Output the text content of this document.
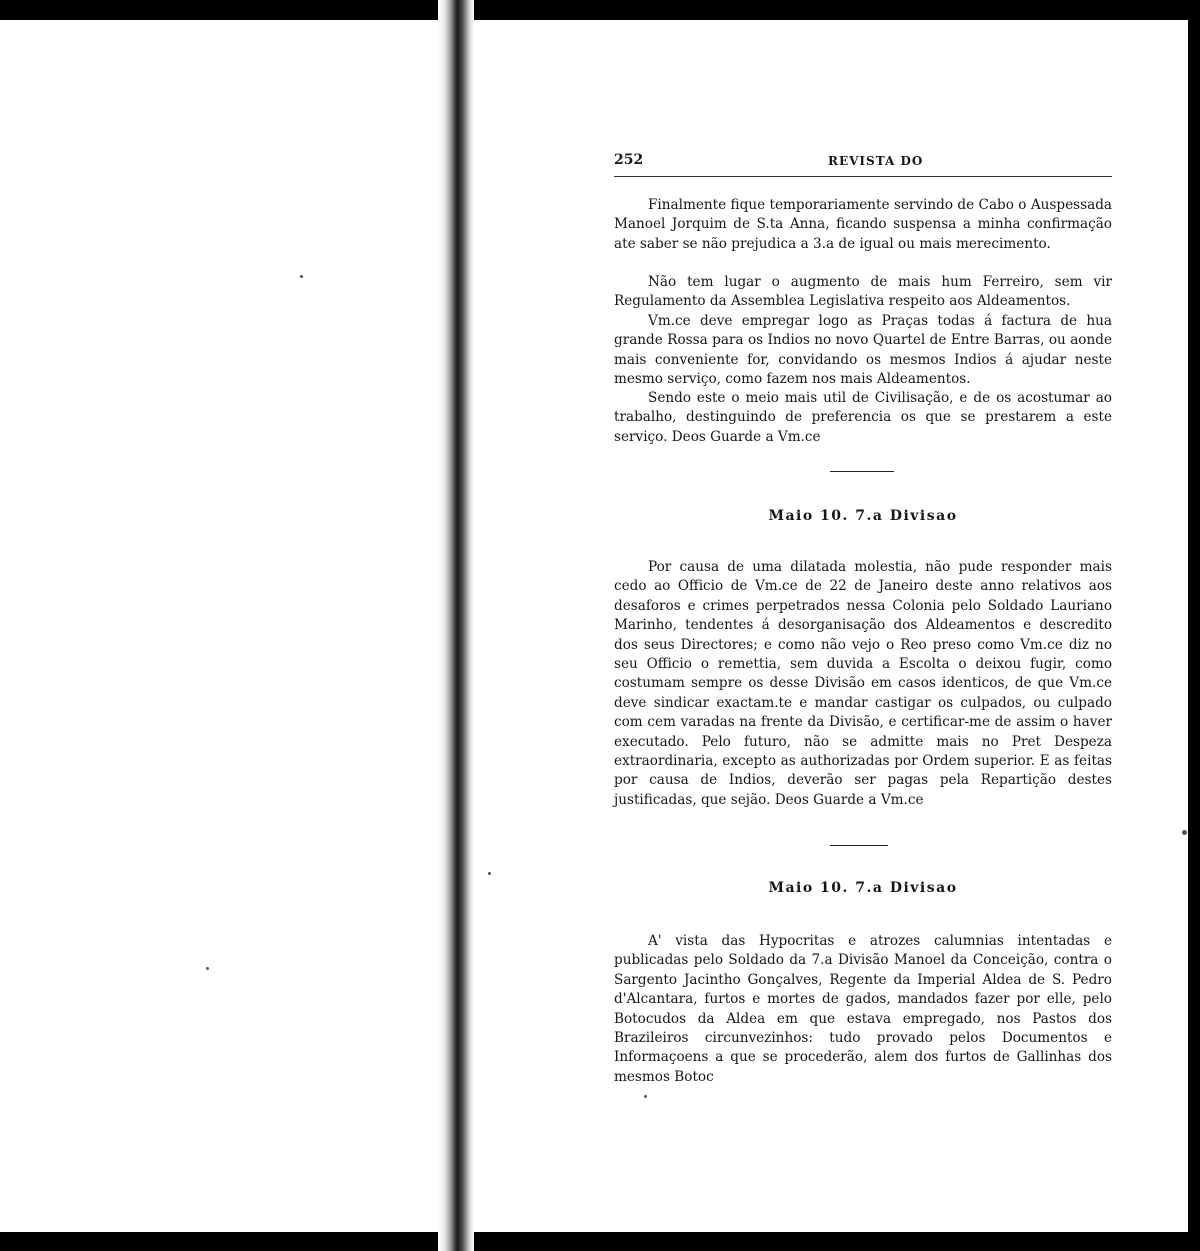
252	REVISTA DO

Finalmente fique temporariamente servindo de Cabo o Auspessada Manoel Jorquim de S.ta Anna, ficando suspensa a minha confirmação ate saber se não prejudica a 3.a de igual ou mais merecimento.

Não tem lugar o augmento de mais hum Ferreiro, sem vir Regulamento da Assemblea Legislativa respeito aos Aldeamentos.

Vm.ce deve empregar logo as Praças todas á factura de hua grande Rossa para os Indios no novo Quartel de Entre Barras, ou aonde mais conveniente for, convidando os mesmos Indios á ajudar neste mesmo serviço, como fazem nos mais Aldeamentos.

Sendo este o meio mais util de Civilisação, e de os acostumar ao trabalho, destinguindo de preferencia os que se prestarem a este serviço. Deos Guarde a Vm.ce

Maio 10. 7.a Divisao

Por causa de uma dilatada molestia, não pude responder mais cedo ao Officio de Vm.ce de 22 de Janeiro deste anno relativos aos desaforos e crimes perpetrados nessa Colonia pelo Soldado Lauriano Marinho, tendentes á desorganisação dos Aldeamentos e descredito dos seus Directores; e como não vejo o Reo preso como Vm.ce diz no seu Officio o remettia, sem duvida a Escolta o deixou fugir, como costumam sempre os desse Divisão em casos identicos, de que Vm.ce deve sindicar exactam.te e mandar castigar os culpados, ou culpado com cem varadas na frente da Divisão, e certificar-me de assim o haver executado. Pelo futuro, não se admitte mais no Pret Despeza extraordinaria, excepto as authorizadas por Ordem superior. E as feitas por causa de Indios, deverão ser pagas pela Repartição destes justificadas, que sejão. Deos Guarde a Vm.ce

Maio 10. 7.a Divisao

A' vista das Hypocritas e atrozes calumnias intentadas e publicadas pelo Soldado da 7.a Divisão Manoel da Conceição, contra o Sargento Jacintho Gonçalves, Regente da Imperial Aldea de S. Pedro d'Alcantara, furtos e mortes de gados, mandados fazer por elle, pelo Botocudos da Aldea em que estava empregado, nos Pastos dos Brazileiros circunvezinhos: tudo provado pelos Documentos e Informaçoens a que se procederão, alem dos furtos de Gallinhas dos mesmos Botoc
